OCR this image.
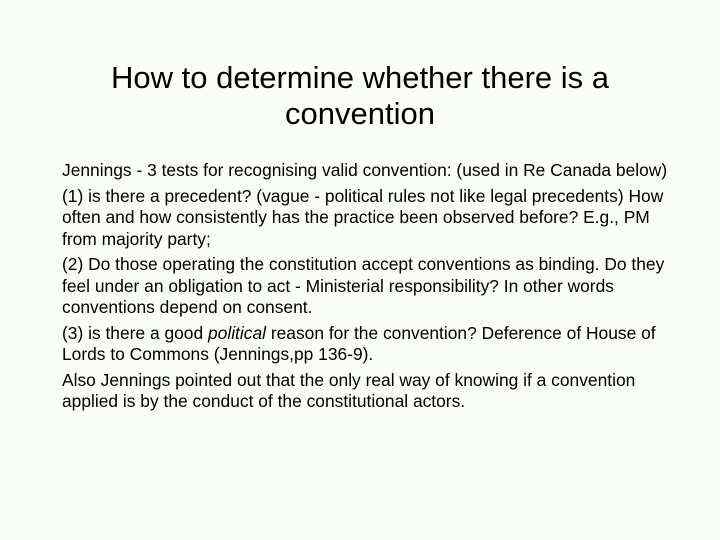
How to determine whether there is a convention

Jennings - 3 tests for recognising valid convention: (used in Re Canada below)

(1) is there a precedent? (vague - political rules not like legal precedents) How often and how consistently has the practice been observed before? E.g., PM from majority party;

(2) Do those operating the constitution accept conventions as binding. Do they feel under an obligation to act - Ministerial responsibility? In other words conventions depend on consent.

(3) is there a good political reason for the convention? Deference of House of Lords to Commons (Jennings,pp 136-9).

Also Jennings pointed out that the only real way of knowing if a convention applied is by the conduct of the constitutional actors.
